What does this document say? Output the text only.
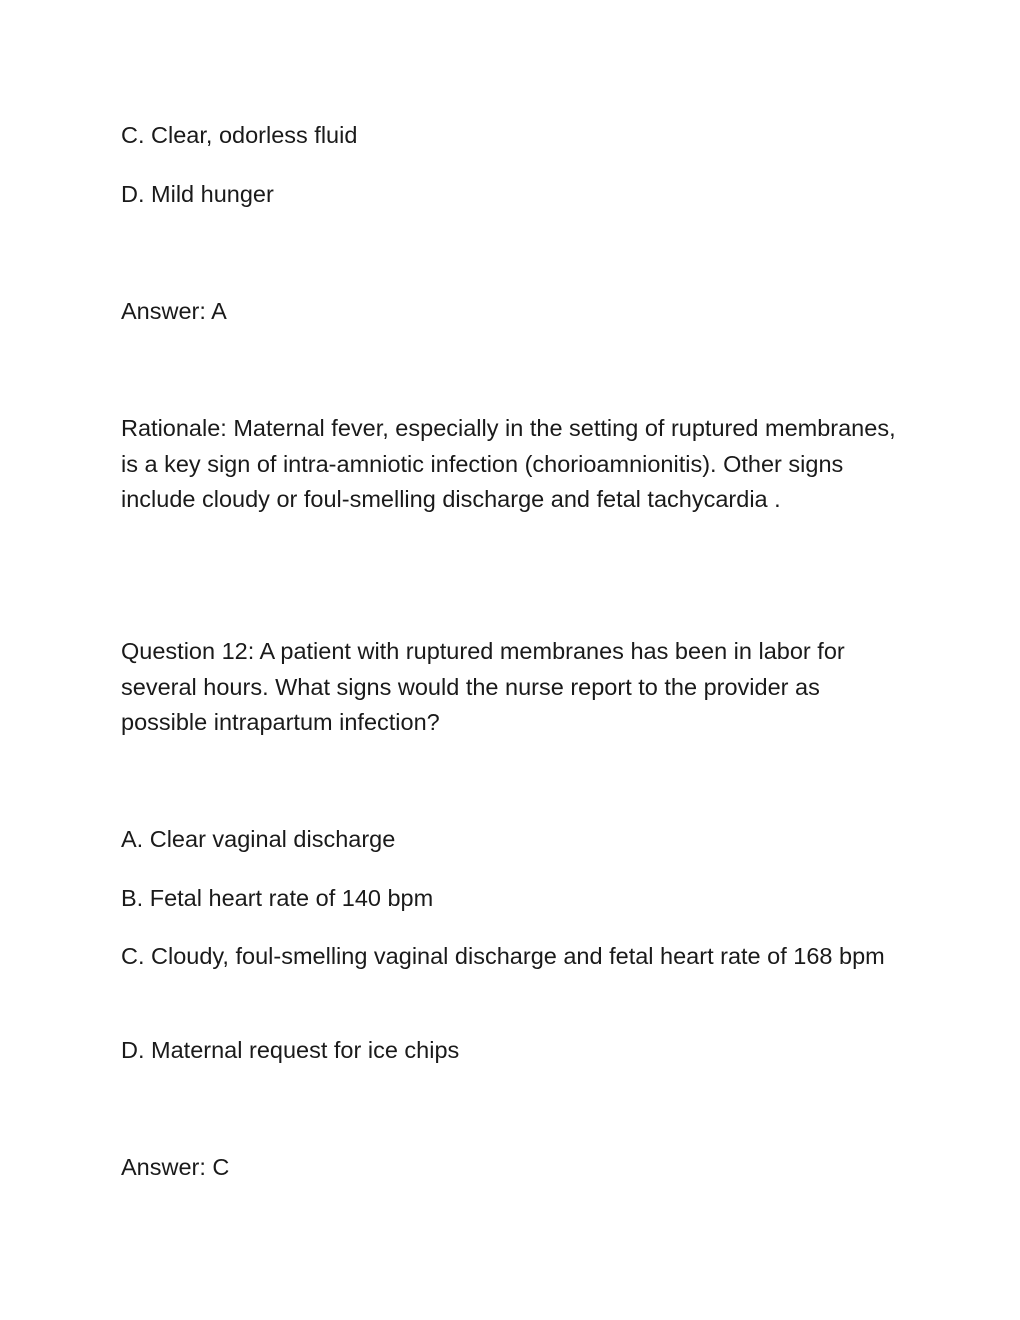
C. Clear, odorless fluid

D. Mild hunger

Answer: A

Rationale: Maternal fever, especially in the setting of ruptured membranes, is a key sign of intra-amniotic infection (chorioamnionitis). Other signs include cloudy or foul-smelling discharge and fetal tachycardia .

Question 12: A patient with ruptured membranes has been in labor for several hours. What signs would the nurse report to the provider as possible intrapartum infection?

A. Clear vaginal discharge

B. Fetal heart rate of 140 bpm

C. Cloudy, foul-smelling vaginal discharge and fetal heart rate of 168 bpm

D. Maternal request for ice chips

Answer: C
